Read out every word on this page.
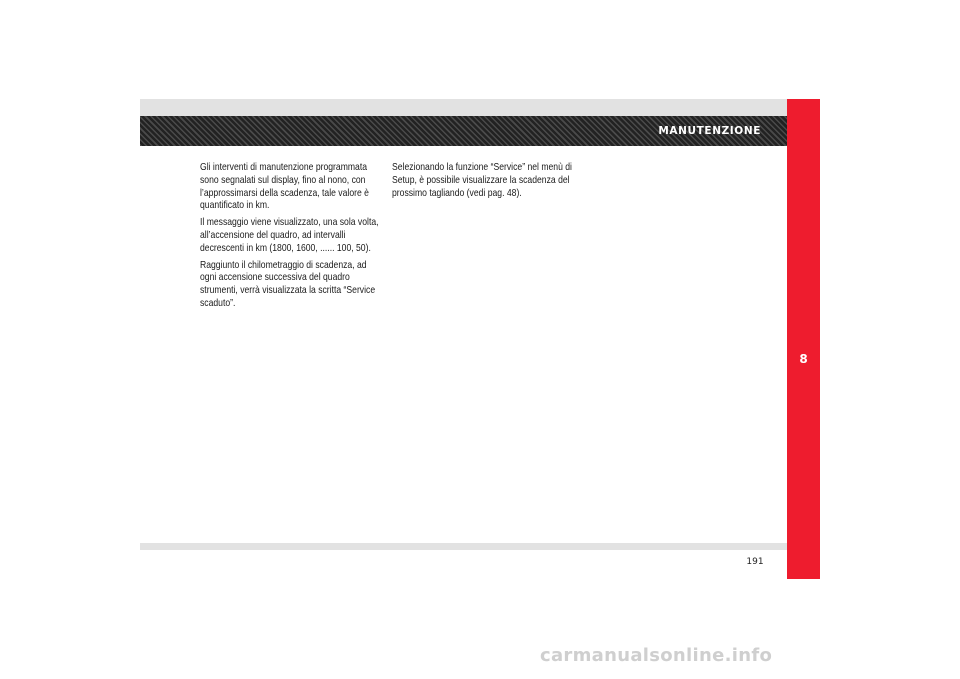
MANUTENZIONE
8

Gli interventi di manutenzione programmata sono segnalati sul display, fino al nono, con l’approssimarsi della scadenza, tale valore è quantificato in km.

Il messaggio viene visualizzato, una sola volta, all’accensione del quadro, ad intervalli decrescenti in km (1800, 1600, ...... 100, 50).

Raggiunto il chilometraggio di scadenza, ad ogni accensione successiva del quadro strumenti, verrà visualizzata la scritta “Service scaduto”.

Selezionando la funzione “Service” nel menù di Setup, è possibile visualizzare la scadenza del prossimo tagliando (vedi pag. 48).

191
carmanualsonline.info
